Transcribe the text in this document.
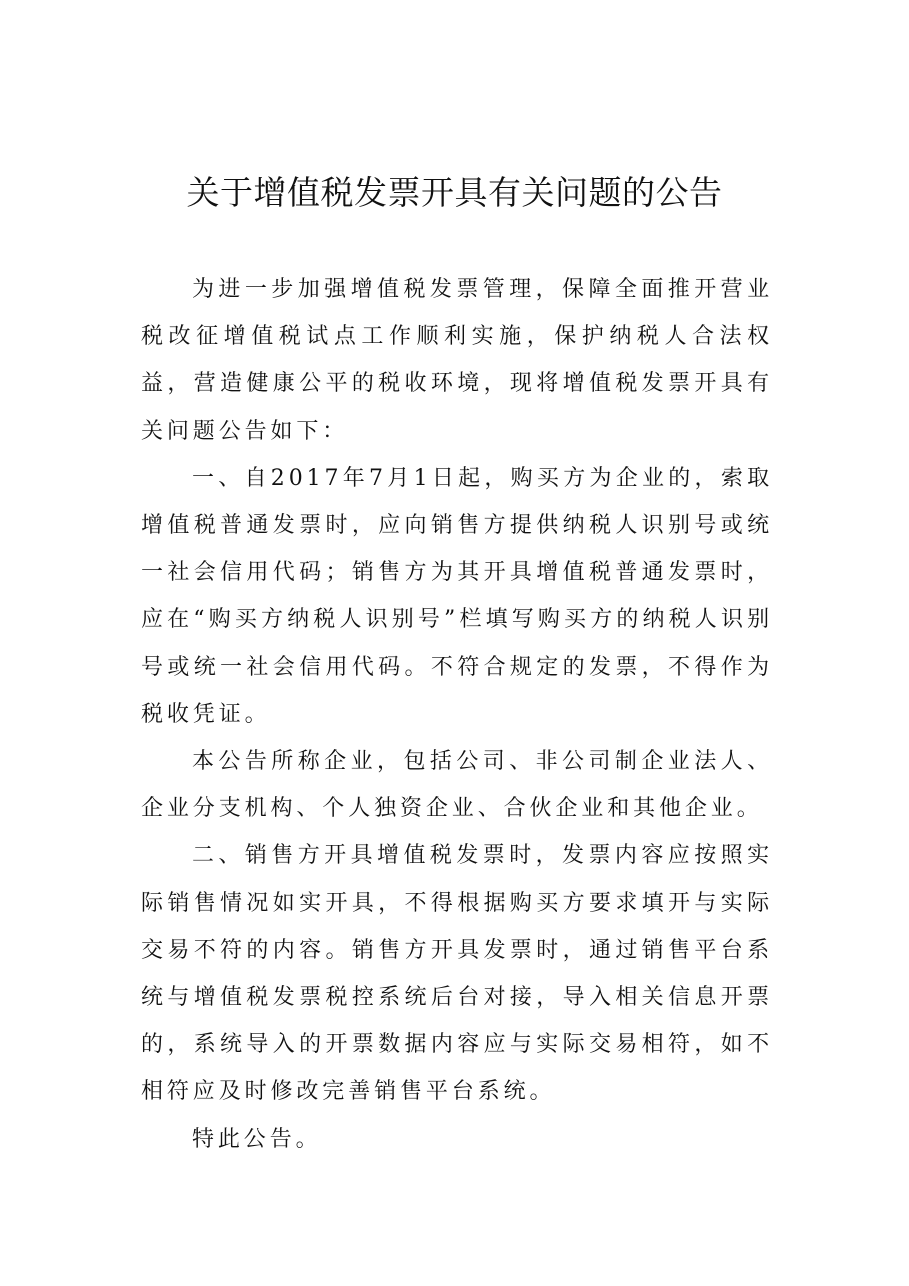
关于增值税发票开具有关问题的公告

为进一步加强增值税发票管理，保障全面推开营业税改征增值税试点工作顺利实施，保护纳税人合法权益，营造健康公平的税收环境，现将增值税发票开具有关问题公告如下：

一、自2017年7月1日起，购买方为企业的，索取增值税普通发票时，应向销售方提供纳税人识别号或统一社会信用代码；销售方为其开具增值税普通发票时，应在“购买方纳税人识别号”栏填写购买方的纳税人识别号或统一社会信用代码。不符合规定的发票，不得作为税收凭证。

本公告所称企业，包括公司、非公司制企业法人、企业分支机构、个人独资企业、合伙企业和其他企业。

二、销售方开具增值税发票时，发票内容应按照实际销售情况如实开具，不得根据购买方要求填开与实际交易不符的内容。销售方开具发票时，通过销售平台系统与增值税发票税控系统后台对接，导入相关信息开票的，系统导入的开票数据内容应与实际交易相符，如不相符应及时修改完善销售平台系统。

特此公告。
